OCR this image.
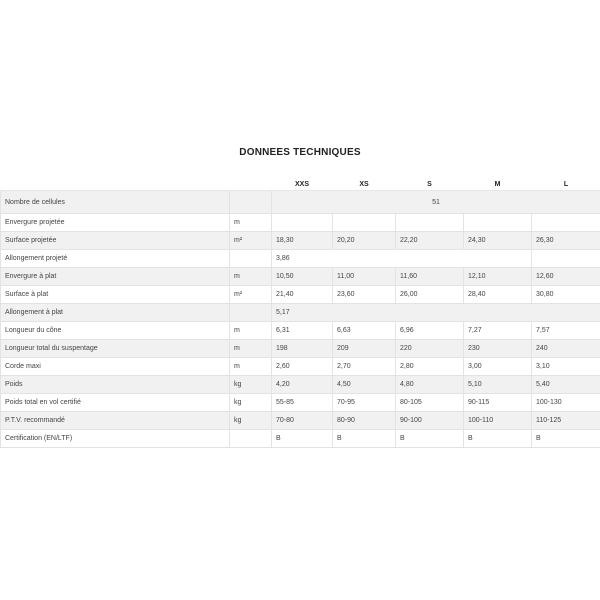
DONNEES TECHNIQUES
		XXS	XS	S	M	L
Nombre de cellules		51				
Envergure projetée	m					
Surface projetée	m²	18,30	20,20	22,20	24,30	26,30
Allongement projeté		3,86				
Envergure à plat	m	10,50	11,00	11,60	12,10	12,60
Surface à plat	m²	21,40	23,60	26,00	28,40	30,80
Allongement à plat		5,17				
Longueur du cône	m	6,31	6,63	6,96	7,27	7,57
Longueur total du suspentage	m	198	209	220	230	240
Corde maxi	m	2,60	2,70	2,80	3,00	3,10
Poids	kg	4,20	4,50	4,80	5,10	5,40
Poids total en vol certifié	kg	55-85	70-95	80-105	90-115	100-130
P.T.V. recommandé	kg	70-80	80-90	90-100	100-110	110-125
Certification (EN/LTF)		B	B	B	B	B
